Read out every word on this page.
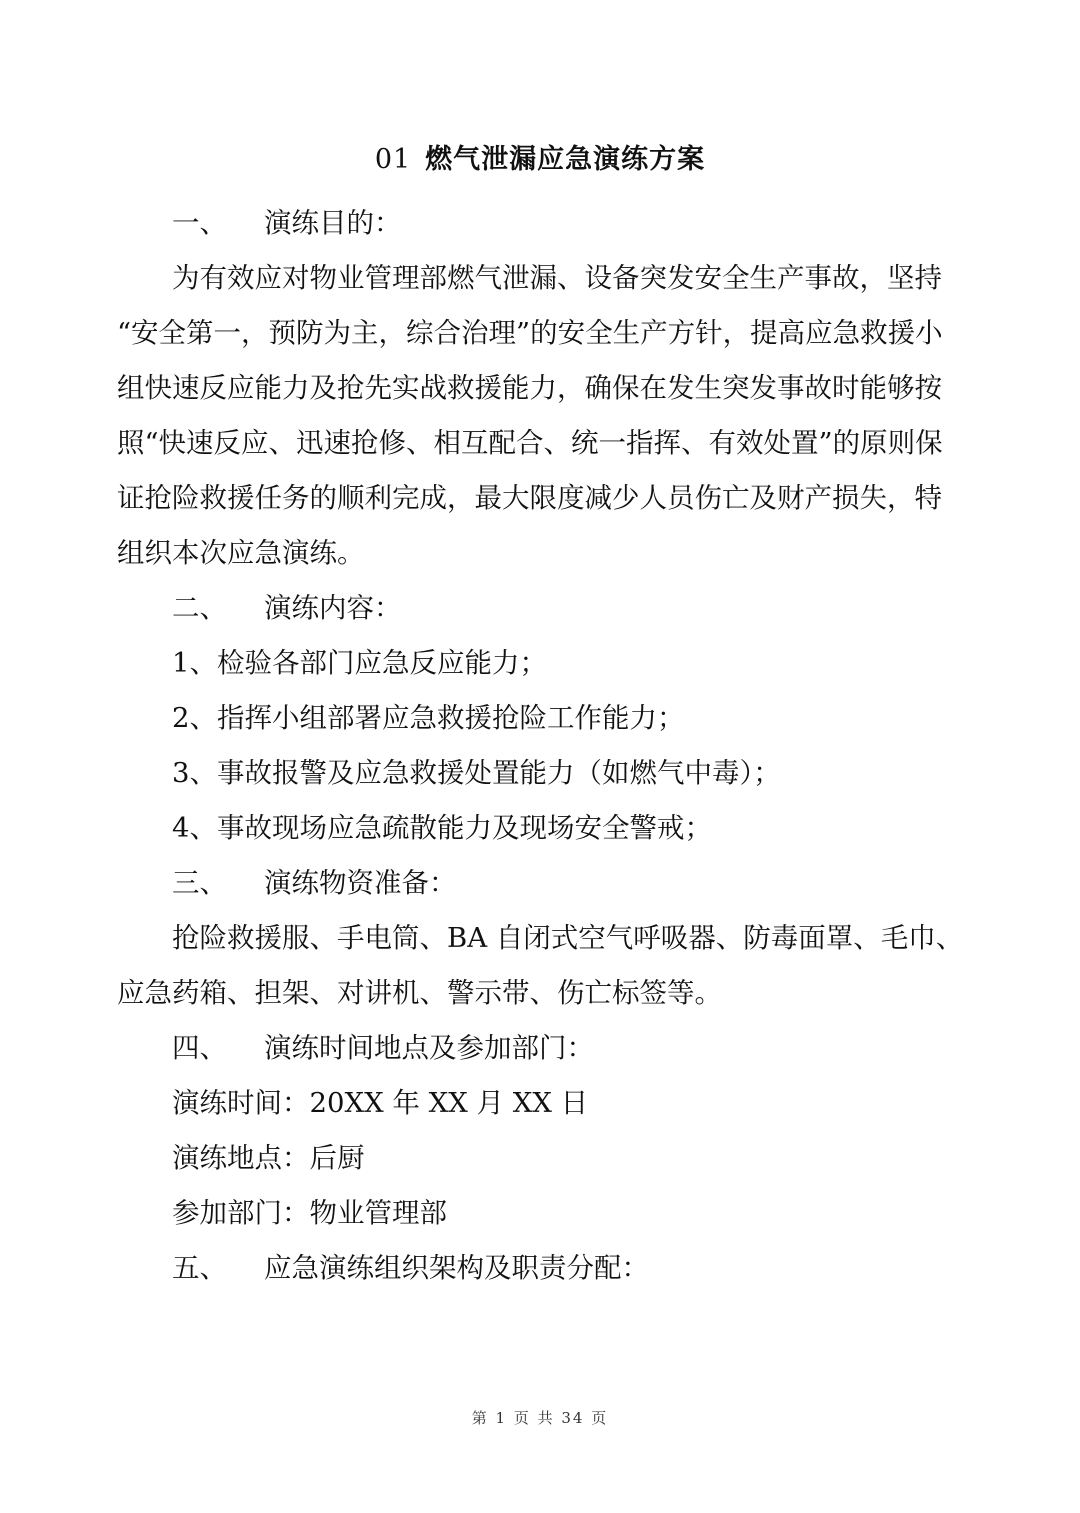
01 燃气泄漏应急演练方案
一、 演练目的：
为有效应对物业管理部燃气泄漏、设备突发安全生产事故，坚持
“安全第一，预防为主，综合治理”的安全生产方针，提高应急救援小
组快速反应能力及抢先实战救援能力，确保在发生突发事故时能够按
照“快速反应、迅速抢修、相互配合、统一指挥、有效处置”的原则保
证抢险救援任务的顺利完成，最大限度减少人员伤亡及财产损失，特
组织本次应急演练。
二、 演练内容：
1、检验各部门应急反应能力；
2、指挥小组部署应急救援抢险工作能力；
3、事故报警及应急救援处置能力（如燃气中毒）；
4、事故现场应急疏散能力及现场安全警戒；
三、 演练物资准备：
抢险救援服、手电筒、BA 自闭式空气呼吸器、防毒面罩、毛巾、
应急药箱、担架、对讲机、警示带、伤亡标签等。
四、 演练时间地点及参加部门：
演练时间：20XX 年 XX 月 XX 日
演练地点：后厨
参加部门：物业管理部
五、 应急演练组织架构及职责分配：
第 1 页 共 34 页
